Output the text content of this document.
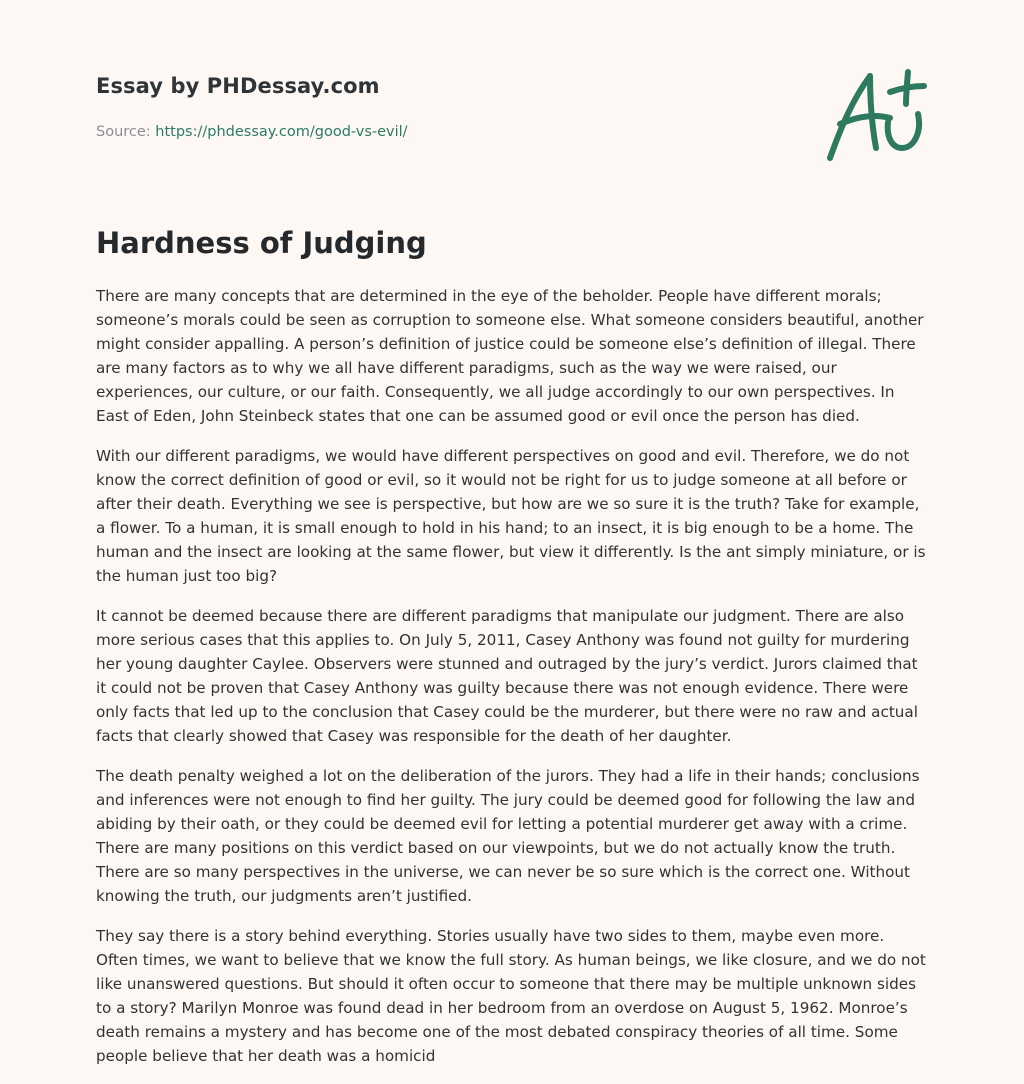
Essay by PHDessay.com
Source: https://phdessay.com/good-vs-evil/
Hardness of Judging

There are many concepts that are determined in the eye of the beholder. People have different morals; someone’s morals could be seen as corruption to someone else. What someone considers beautiful, another might consider appalling. A person’s definition of justice could be someone else’s definition of illegal. There are many factors as to why we all have different paradigms, such as the way we were raised, our experiences, our culture, or our faith. Consequently, we all judge accordingly to our own perspectives. In East of Eden, John Steinbeck states that one can be assumed good or evil once the person has died.

With our different paradigms, we would have different perspectives on good and evil. Therefore, we do not know the correct definition of good or evil, so it would not be right for us to judge someone at all before or after their death. Everything we see is perspective, but how are we so sure it is the truth? Take for example, a flower. To a human, it is small enough to hold in his hand; to an insect, it is big enough to be a home. The human and the insect are looking at the same flower, but view it differently. Is the ant simply miniature, or is the human just too big?

It cannot be deemed because there are different paradigms that manipulate our judgment. There are also more serious cases that this applies to. On July 5, 2011, Casey Anthony was found not guilty for murdering her young daughter Caylee. Observers were stunned and outraged by the jury’s verdict. Jurors claimed that it could not be proven that Casey Anthony was guilty because there was not enough evidence. There were only facts that led up to the conclusion that Casey could be the murderer, but there were no raw and actual facts that clearly showed that Casey was responsible for the death of her daughter.

The death penalty weighed a lot on the deliberation of the jurors. They had a life in their hands; conclusions and inferences were not enough to find her guilty. The jury could be deemed good for following the law and abiding by their oath, or they could be deemed evil for letting a potential murderer get away with a crime. There are many positions on this verdict based on our viewpoints, but we do not actually know the truth. There are so many perspectives in the universe, we can never be so sure which is the correct one. Without knowing the truth, our judgments aren’t justified.

They say there is a story behind everything. Stories usually have two sides to them, maybe even more. Often times, we want to believe that we know the full story. As human beings, we like closure, and we do not like unanswered questions. But should it often occur to someone that there may be multiple unknown sides to a story? Marilyn Monroe was found dead in her bedroom from an overdose on August 5, 1962. Monroe’s death remains a mystery and has become one of the most debated conspiracy theories of all time. Some people believe that her death was a homicid
